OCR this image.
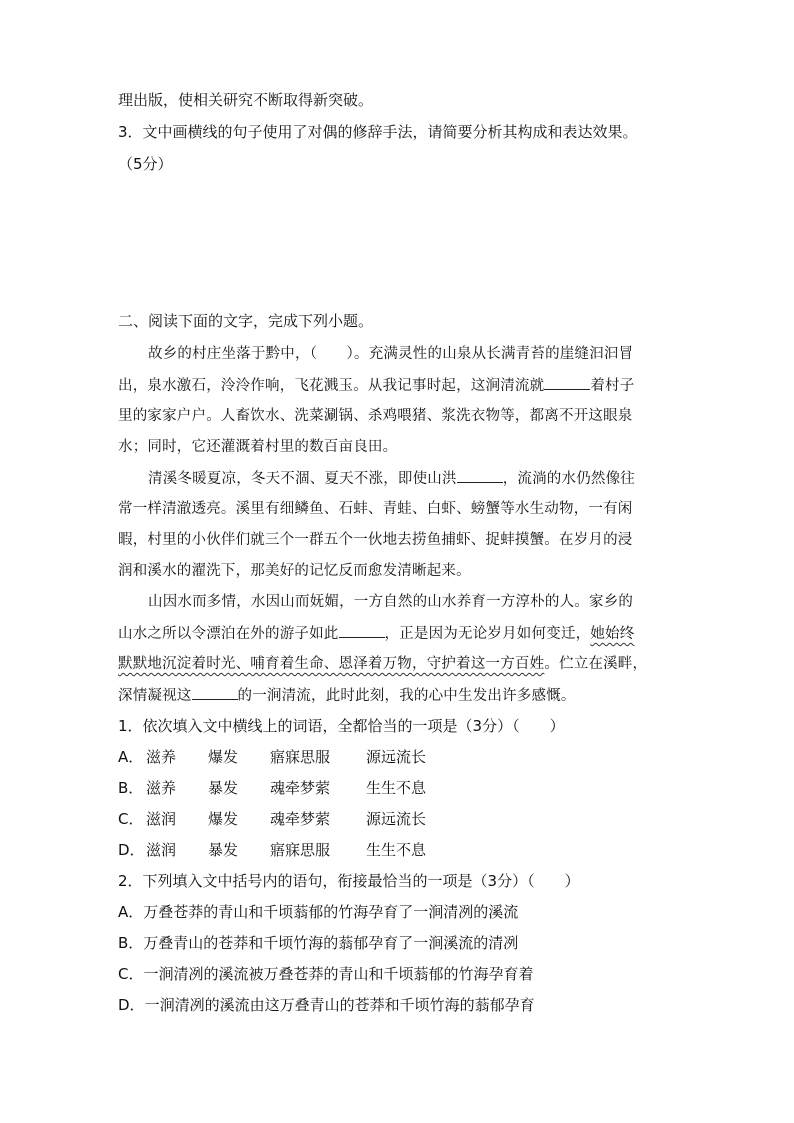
理出版，使相关研究不断取得新突破。
3．文中画横线的句子使用了对偶的修辞手法，请简要分析其构成和表达效果。
（5分）
二、阅读下面的文字，完成下列小题。
故乡的村庄坐落于黔中，（　　）。充满灵性的山泉从长满青苔的崖缝汩汩冒
出，泉水激石，泠泠作响，飞花溅玉。从我记事时起，这涧清流就	着村子
里的家家户户。人畜饮水、洗菜涮锅、杀鸡喂猪、浆洗衣物等，都离不开这眼泉
水；同时，它还灌溉着村里的数百亩良田。
清溪冬暖夏凉，冬天不涸、夏天不涨，即使山洪	，流淌的水仍然像往
常一样清澈透亮。溪里有细鳞鱼、石蚌、青蛙、白虾、螃蟹等水生动物，一有闲
暇，村里的小伙伴们就三个一群五个一伙地去捞鱼捕虾、捉蚌摸蟹。在岁月的浸
润和溪水的濯洗下，那美好的记忆反而愈发清晰起来。
山因水而多情，水因山而妩媚，一方自然的山水养育一方淳朴的人。家乡的
山水之所以令漂泊在外的游子如此	，正是因为无论岁月如何变迁，她始终
默默地沉淀着时光、哺育着生命、恩泽着万物，守护着这一方百姓。伫立在溪畔，
深情凝视这	的一涧清流，此时此刻，我的心中生发出许多感慨。
1．依次填入文中横线上的词语，全都恰当的一项是（3分）（　　）
A． 滋养 爆发 寤寐思服 源远流长
B． 滋养 暴发 魂牵梦萦 生生不息
C． 滋润 爆发 魂牵梦萦 源远流长
D．滋润 暴发 寤寐思服 生生不息
2．下列填入文中括号内的语句，衔接最恰当的一项是（3分）（　　）
A．万叠苍莽的青山和千顷蓊郁的竹海孕育了一涧清冽的溪流
B．万叠青山的苍莽和千顷竹海的蓊郁孕育了一涧溪流的清冽
C．一涧清冽的溪流被万叠苍莽的青山和千顷蓊郁的竹海孕育着
D．一涧清冽的溪流由这万叠青山的苍莽和千顷竹海的蓊郁孕育
